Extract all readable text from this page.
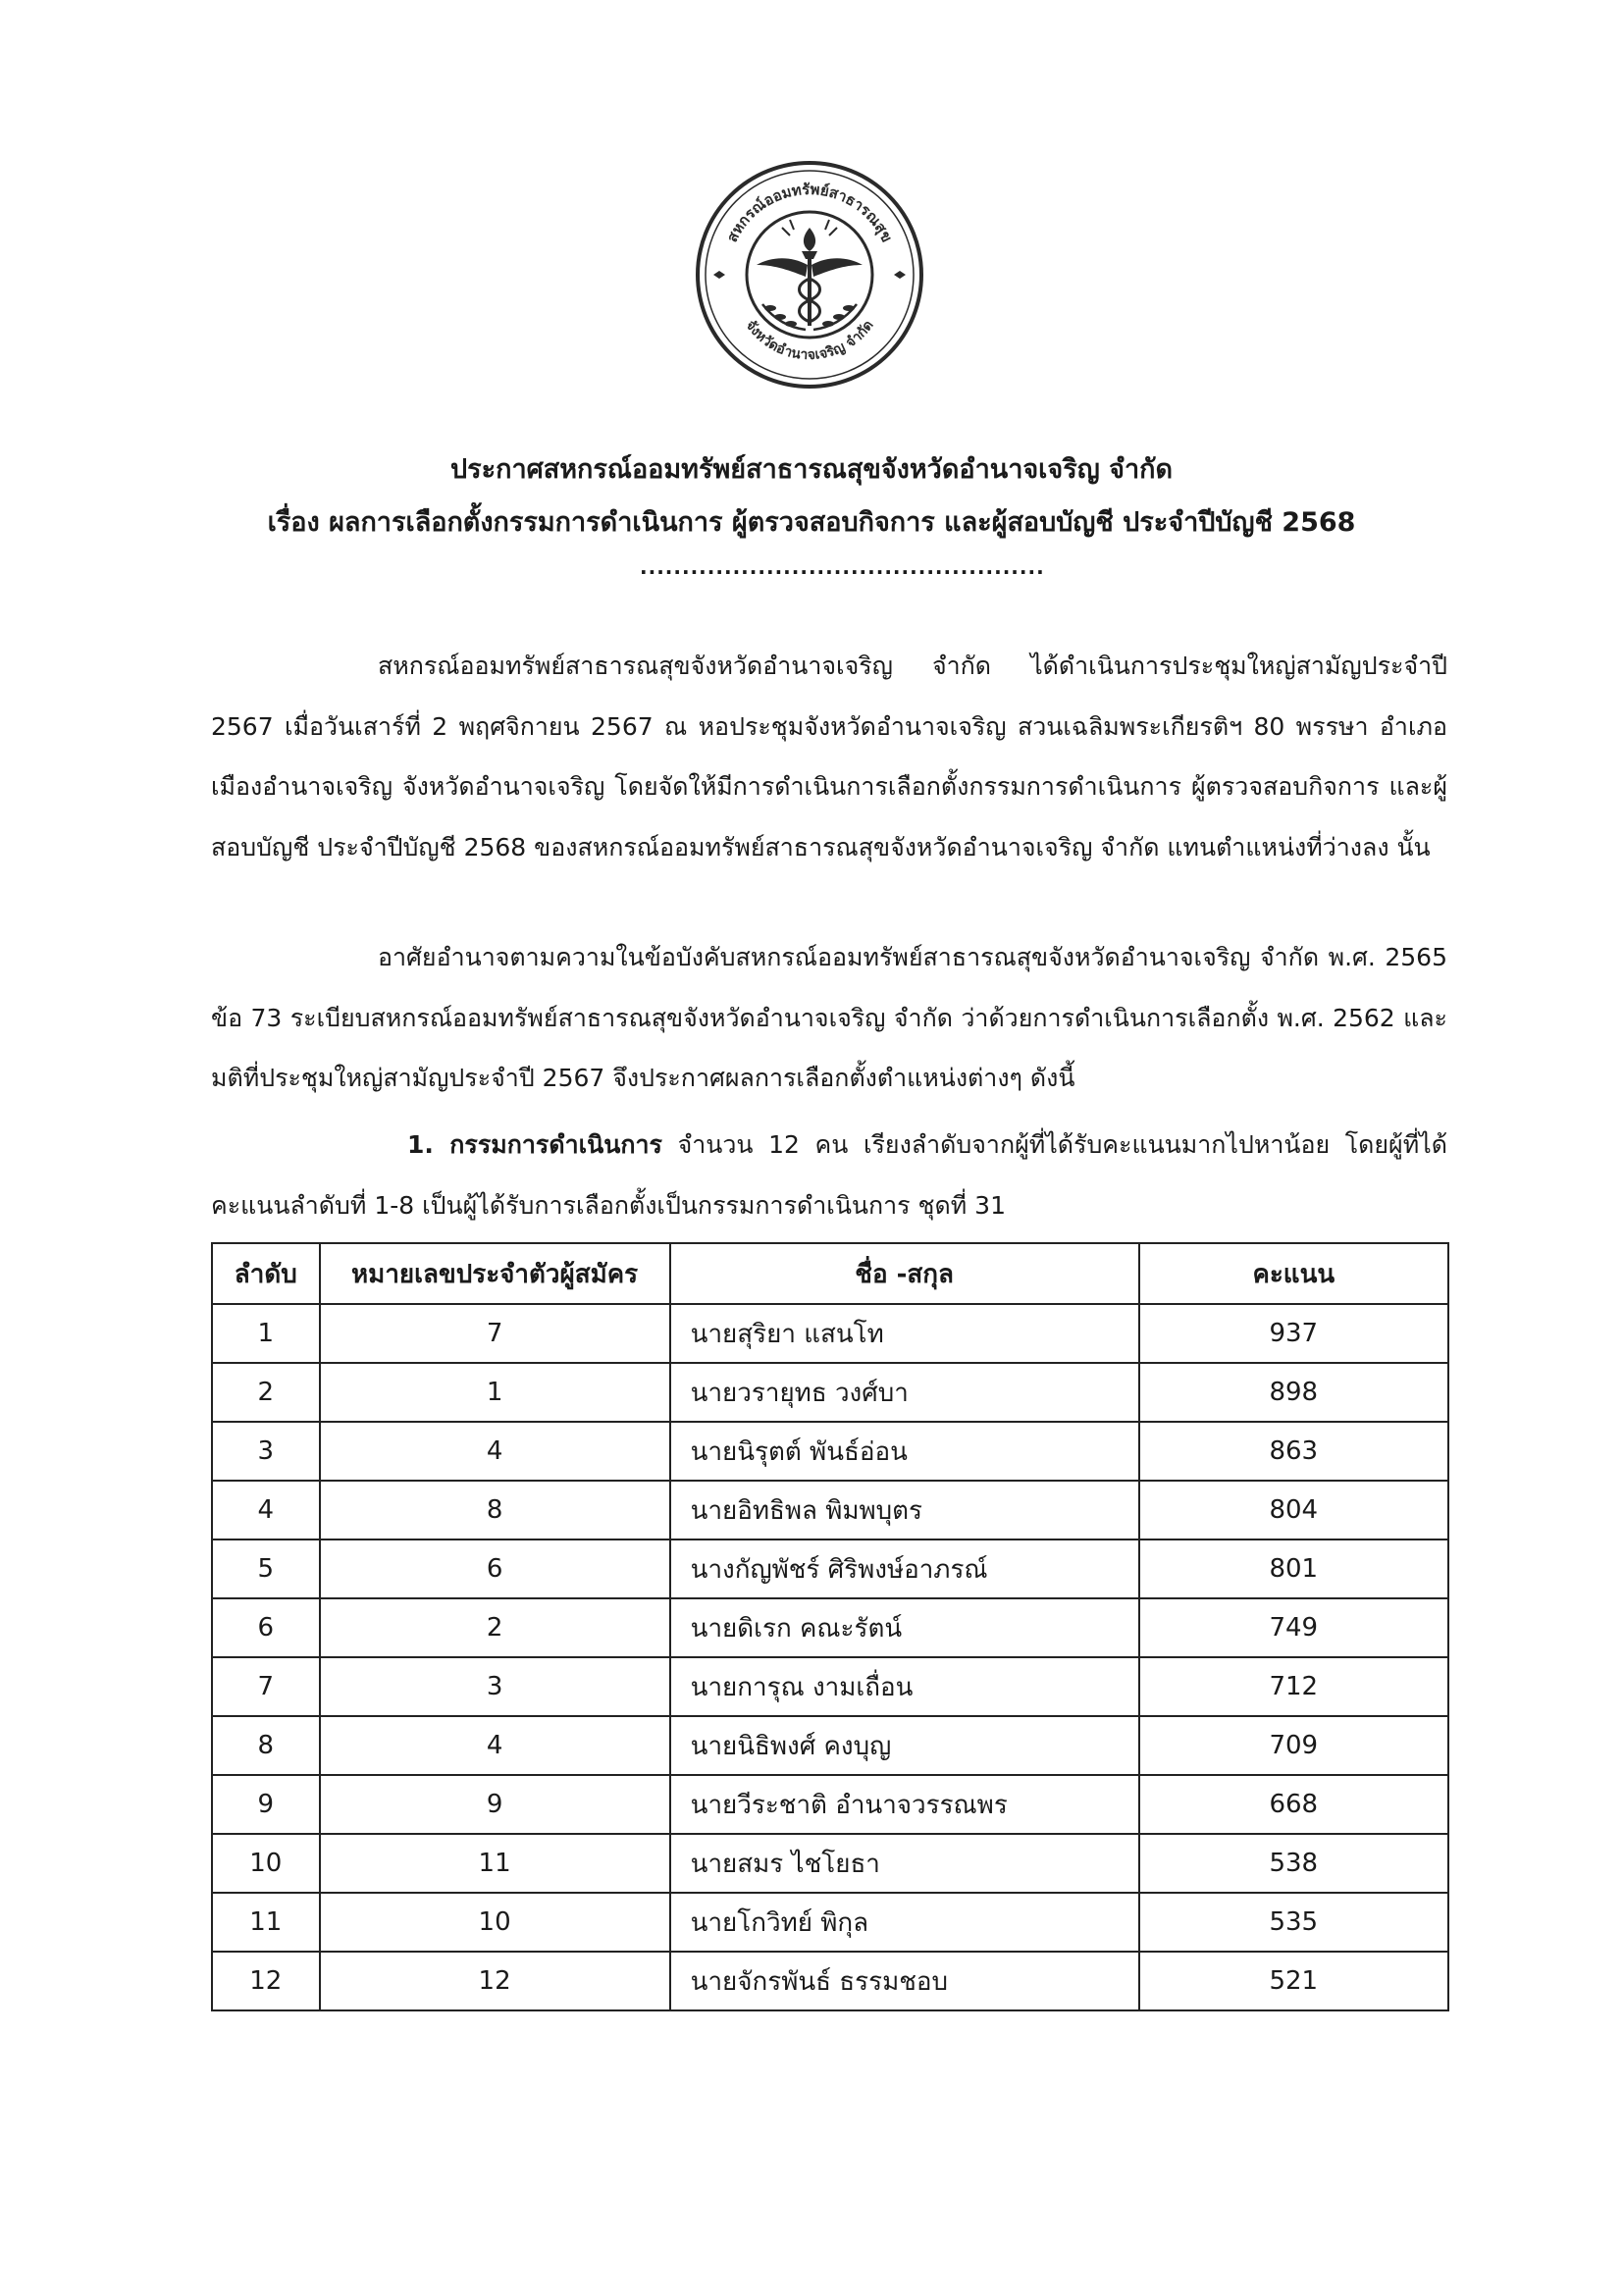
สหกรณ์ออมทรัพย์สาธารณสุข
จังหวัดอำนาจเจริญ จำกัด
ประกาศสหกรณ์ออมทรัพย์สาธารณสุขจังหวัดอำนาจเจริญ จำกัด
เรื่อง ผลการเลือกตั้งกรรมการดำเนินการ ผู้ตรวจสอบกิจการ และผู้สอบบัญชี ประจำปีบัญชี 2568
................................................
สหกรณ์ออมทรัพย์สาธารณสุขจังหวัดอำนาจเจริญ จำกัด ได้ดำเนินการประชุมใหญ่สามัญประจำปี 2567 เมื่อวันเสาร์ที่ 2 พฤศจิกายน 2567 ณ หอประชุมจังหวัดอำนาจเจริญ สวนเฉลิมพระเกียรติฯ 80 พรรษา อำเภอเมืองอำนาจเจริญ จังหวัดอำนาจเจริญ โดยจัดให้มีการดำเนินการเลือกตั้งกรรมการดำเนินการ ผู้ตรวจสอบกิจการ และผู้สอบบัญชี ประจำปีบัญชี 2568 ของสหกรณ์ออมทรัพย์สาธารณสุขจังหวัดอำนาจเจริญ จำกัด แทนตำแหน่งที่ว่างลง นั้น
อาศัยอำนาจตามความในข้อบังคับสหกรณ์ออมทรัพย์สาธารณสุขจังหวัดอำนาจเจริญ จำกัด พ.ศ. 2565 ข้อ 73 ระเบียบสหกรณ์ออมทรัพย์สาธารณสุขจังหวัดอำนาจเจริญ จำกัด ว่าด้วยการดำเนินการเลือกตั้ง พ.ศ. 2562 และมติที่ประชุมใหญ่สามัญประจำปี 2567 จึงประกาศผลการเลือกตั้งตำแหน่งต่างๆ ดังนี้
1. กรรมการดำเนินการ จำนวน 12 คน เรียงลำดับจากผู้ที่ได้รับคะแนนมากไปหาน้อย โดยผู้ที่ได้คะแนนลำดับที่ 1-8 เป็นผู้ได้รับการเลือกตั้งเป็นกรรมการดำเนินการ ชุดที่ 31
ลำดับ	หมายเลขประจำตัวผู้สมัคร	ชื่อ -สกุล	คะแนน
1	7	นายสุริยา แสนโท	937
2	1	นายวรายุทธ วงศ์บา	898
3	4	นายนิรุตต์ พันธ์อ่อน	863
4	8	นายอิทธิพล พิมพบุตร	804
5	6	นางกัญพัชร์ ศิริพงษ์อาภรณ์	801
6	2	นายดิเรก คณะรัตน์	749
7	3	นายการุณ งามเถื่อน	712
8	4	นายนิธิพงศ์ คงบุญ	709
9	9	นายวีระชาติ อำนาจวรรณพร	668
10	11	นายสมร ไชโยธา	538
11	10	นายโกวิทย์ พิกุล	535
12	12	นายจักรพันธ์ ธรรมชอบ	521
